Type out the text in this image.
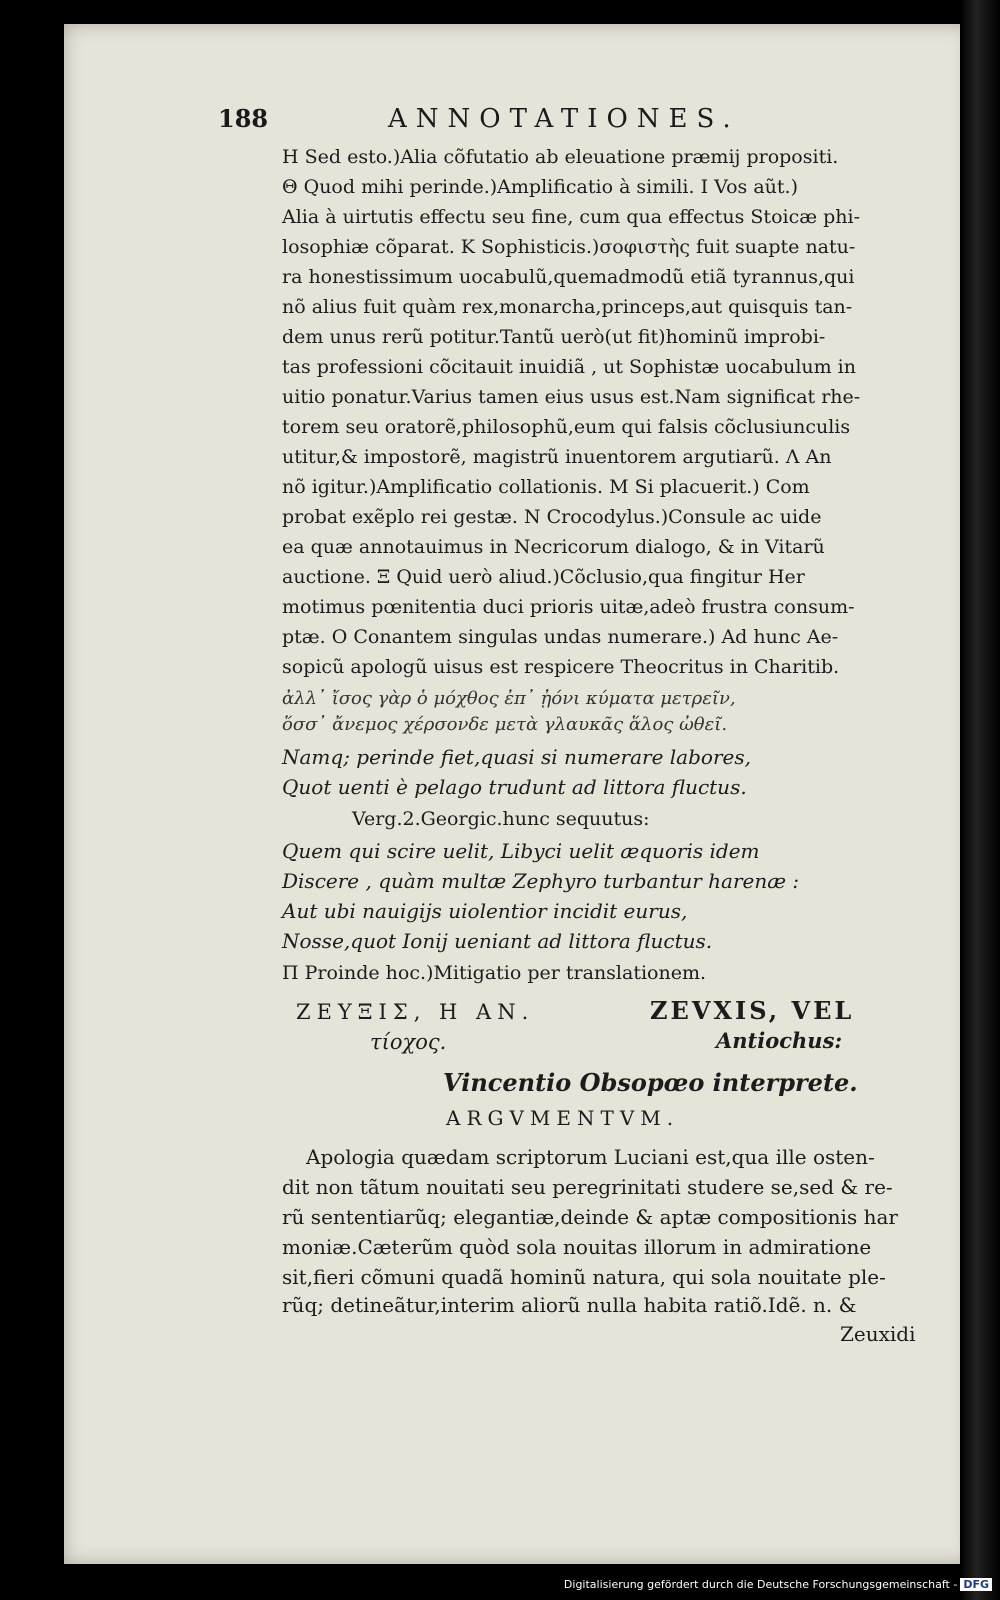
188	ANNOTATIONES.
H Sed esto.)Alia cõfutatio ab eleuatione præmij propositi.
Θ Quod mihi perinde.)Amplificatio à simili. I Vos aũt.)
Alia à uirtutis effectu seu fine, cum qua effectus Stoicæ phi-
losophiæ cõparat. K Sophisticis.)σοφιστὴς fuit suapte natu-
ra honestissimum uocabulũ,quemadmodũ etiã tyrannus,qui
nõ alius fuit quàm rex,monarcha,princeps,aut quisquis tan-
dem unus rerũ potitur.Tantũ uerò(ut fit)hominũ improbi-
tas professioni cõcitauit inuidiã , ut Sophistæ uocabulum in
uitio ponatur.Varius tamen eius usus est.Nam significat rhe-
torem seu oratorẽ,philosophũ,eum qui falsis cõclusiunculis
utitur,& impostorẽ, magistrũ inuentorem argutiarũ. Λ An
nõ igitur.)Amplificatio collationis. M Si placuerit.) Com
probat exẽplo rei gestæ. N Crocodylus.)Consule ac uide
ea quæ annotauimus in Necricorum dialogo, & in Vitarũ
auctione. Ξ Quid uerò aliud.)Cõclusio,qua fingitur Her
motimus pœnitentia duci prioris uitæ,adeò frustra consum-
ptæ. O Conantem singulas undas numerare.) Ad hunc Ae-
sopicũ apologũ uisus est respicere Theocritus in Charitib.
ἀλλ᾽ ἴσος γὰρ ὁ μόχθος ἐπ᾽ ᾐόνι κύματα μετρεῖν,
ὅσσ᾽ ἄνεμος χέρσονδε μετὰ γλαυκᾶς ἅλος ὠθεῖ.
Namq; perinde fiet,quasi si numerare labores,
Quot uenti è pelago trudunt ad littora fluctus.
Verg.2.Georgic.hunc sequutus:
Quem qui scire uelit, Libyci uelit æquoris idem
Discere , quàm multæ Zephyro turbantur harenæ :
Aut ubi nauigijs uiolentior incidit eurus,
Nosse,quot Ionij ueniant ad littora fluctus.
Π Proinde hoc.)Mitigatio per translationem.
ΖΕΥΞΙΣ, Η ΑΝ.	ZEVXIS, VEL
τίοχος.	Antiochus:
Vincentio Obsopœo interprete.
ARGVMENTVM.
Apologia quædam scriptorum Luciani est,qua ille osten-
dit non tãtum nouitati seu peregrinitati studere se,sed & re-
rũ sententiarũq; elegantiæ,deinde & aptæ compositionis har
moniæ.Cæterũm quòd sola nouitas illorum in admiratione
sit,fieri cõmuni quadã hominũ natura, qui sola nouitate ple-
rũq; detineãtur,interim aliorũ nulla habita ratiõ.Idẽ. n. &
Zeuxidi
Digitalisierung gefördert durch die Deutsche Forschungsgemeinschaft - DFG
